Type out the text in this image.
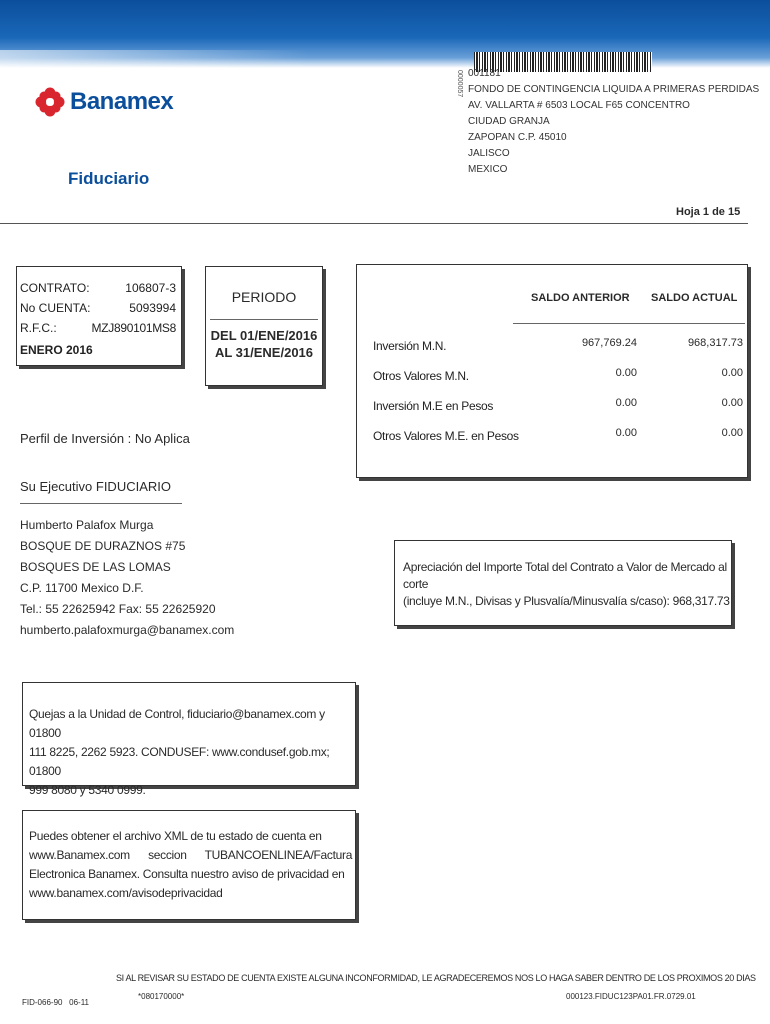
Banamex
Fiduciario
0000057 001181
FONDO DE CONTINGENCIA LIQUIDA A PRIMERAS PERDIDAS
AV. VALLARTA # 6503 LOCAL F65 CONCENTRO
CIUDAD GRANJA
ZAPOPAN C.P. 45010
JALISCO
MEXICO
Hoja 1 de 15
CONTRATO:	106807-3
No CUENTA:	5093994
R.F.C.:	MZJ890101MS8
ENERO 2016
PERIODO
DEL 01/ENE/2016
AL 31/ENE/2016
SALDO ANTERIOR SALDO ACTUAL
Inversión M.N.	967,769.24	968,317.73
Otros Valores M.N.	0.00	0.00
Inversión M.E en Pesos	0.00	0.00
Otros Valores M.E. en Pesos	0.00	0.00
Perfil de Inversión : No Aplica
Su Ejecutivo FIDUCIARIO
Humberto Palafox Murga
BOSQUE DE DURAZNOS #75
BOSQUES DE LAS LOMAS
C.P. 11700 Mexico D.F.
Tel.: 55 22625942 Fax: 55 22625920
humberto.palafoxmurga@banamex.com
Apreciación del Importe Total del Contrato a Valor de Mercado al corte
(incluye M.N., Divisas y Plusvalía/Minusvalía s/caso): 968,317.73
Quejas a la Unidad de Control, fiduciario@banamex.com y 01800
111 8225, 2262 5923. CONDUSEF: www.condusef.gob.mx; 01800
999 8080 y 5340 0999.
Puedes obtener el archivo XML de tu estado de cuenta en
www.Banamex.com      seccion      TUBANCOENLINEA/Factura
Electronica Banamex. Consulta nuestro aviso de privacidad en
www.banamex.com/avisodeprivacidad
SI AL REVISAR SU ESTADO DE CUENTA EXISTE ALGUNA INCONFORMIDAD, LE AGRADECEREMOS NOS LO HAGA SABER DENTRO DE LOS PROXIMOS 20 DIAS
*080170000*
FID-066-90   06-11
000123.FIDUC123PA01.FR.0729.01
